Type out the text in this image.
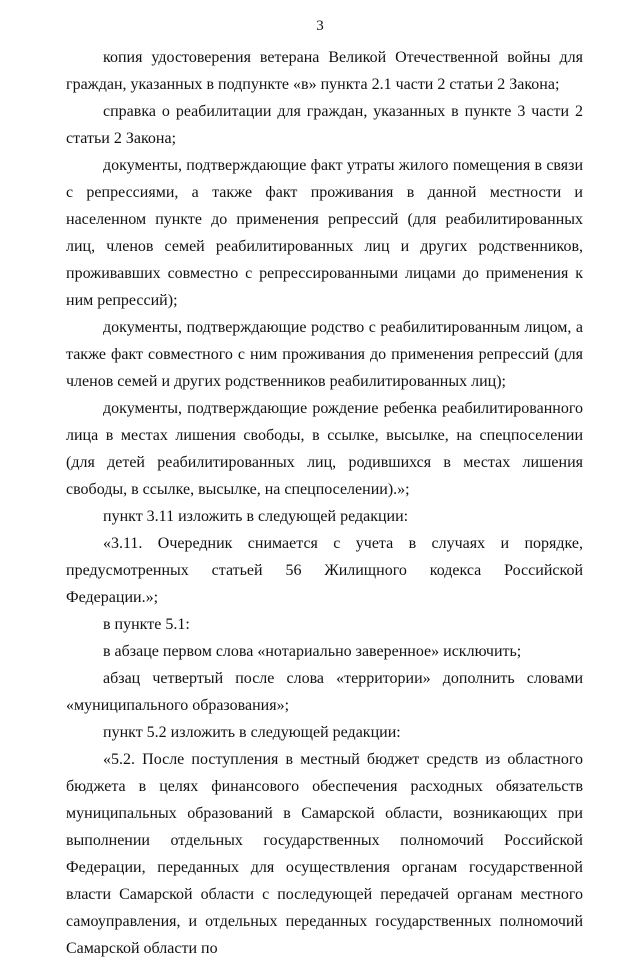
3

копия удостоверения ветерана Великой Отечественной войны для граждан, указанных в подпункте «в» пункта 2.1 части 2 статьи 2 Закона;

справка о реабилитации для граждан, указанных в пункте 3 части 2 статьи 2 Закона;

документы, подтверждающие факт утраты жилого помещения в связи с репрессиями, а также факт проживания в данной местности и населенном пункте до применения репрессий (для реабилитированных лиц, членов семей реабилитированных лиц и других родственников, проживавших совместно с репрессированными лицами до применения к ним репрессий);

документы, подтверждающие родство с реабилитированным лицом, а также факт совместного с ним проживания до применения репрессий (для членов семей и других родственников реабилитированных лиц);

документы, подтверждающие рождение ребенка реабилитированного лица в местах лишения свободы, в ссылке, высылке, на спецпоселении (для детей реабилитированных лиц, родившихся в местах лишения свободы, в ссылке, высылке, на спецпоселении).»;

пункт 3.11 изложить в следующей редакции:

«3.11. Очередник снимается с учета в случаях и порядке, предусмотренных статьей 56 Жилищного кодекса Российской Федерации.»;

в пункте 5.1:

в абзаце первом слова «нотариально заверенное» исключить;

абзац четвертый после слова «территории» дополнить словами «муниципального образования»;

пункт 5.2 изложить в следующей редакции:

«5.2. После поступления в местный бюджет средств из областного бюджета в целях финансового обеспечения расходных обязательств муниципальных образований в Самарской области, возникающих при выполнении отдельных государственных полномочий Российской Федерации, переданных для осуществления органам государственной власти Самарской области с последующей передачей органам местного самоуправления, и отдельных переданных государственных полномочий Самарской области по
